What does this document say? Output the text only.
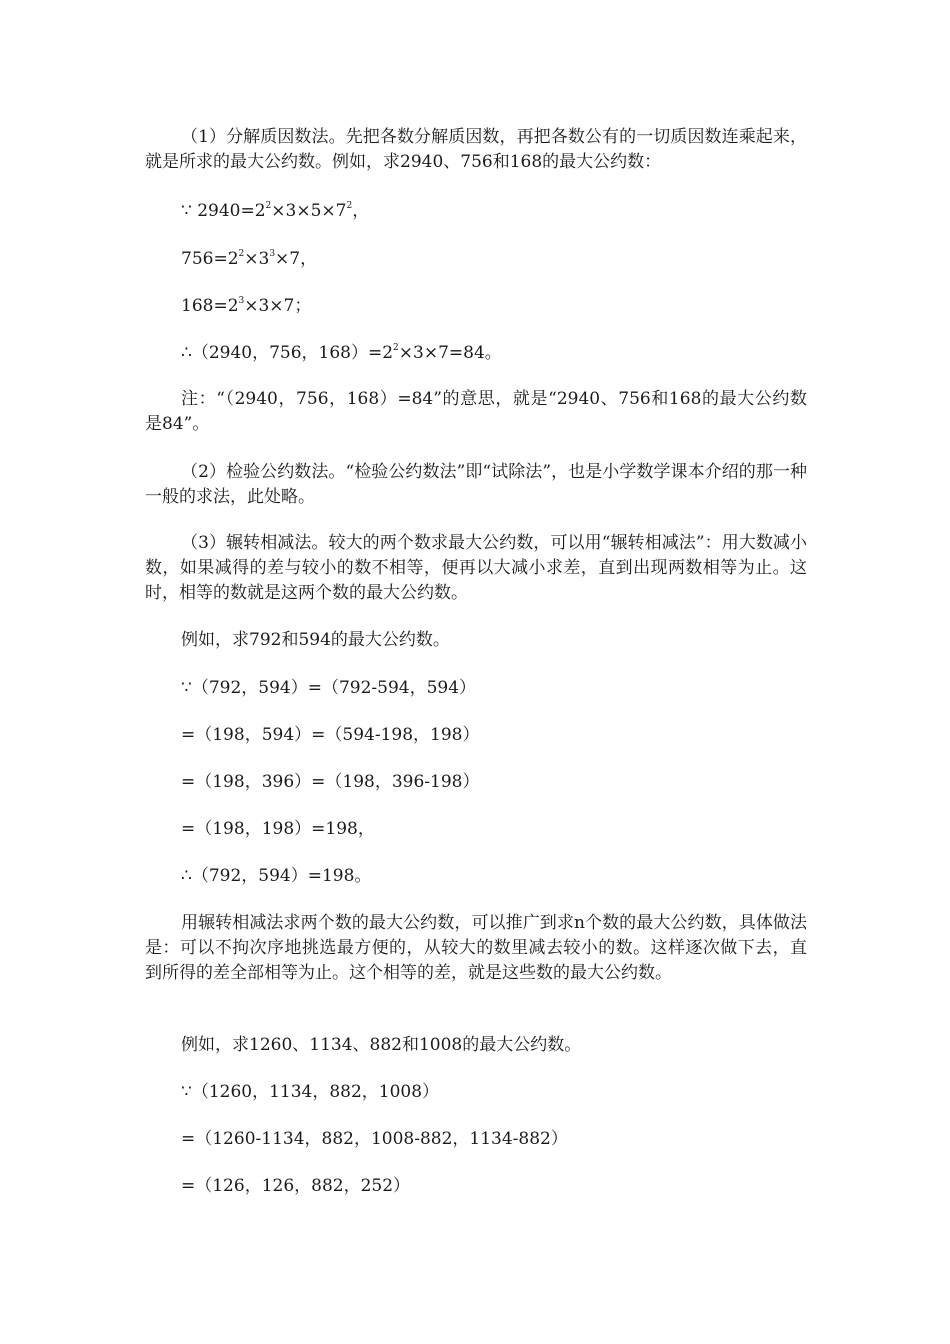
（1）分解质因数法。先把各数分解质因数，再把各数公有的一切质因数连乘起来，就是所求的最大公约数。例如，求2940、756和168的最大公约数：

∵ $2940=2^2\times 3\times 5\times 7^2$，

$756=2^2\times 3^3\times 7$，

$168=2^3\times 3\times 7$；

∴（2940，756，$168)=2^2\times 3\times 7=84$。

注：“（2940，756，168）=84”的意思，就是“2940、756和168的最大公约数是84”。

（2）检验公约数法。“检验公约数法”即“试除法”，也是小学数学课本介绍的那一种一般的求法，此处略。

（3）辗转相减法。较大的两个数求最大公约数，可以用“辗转相减法”：用大数减小数，如果减得的差与较小的数不相等，便再以大减小求差，直到出现两数相等为止。这时，相等的数就是这两个数的最大公约数。

例如，求792和594的最大公约数。

∵（792，594）=（792-594，594）

=（198，594）=（594-198，198）

=（198，396）=（198，396-198）

=（198，198）=198，

∴（792，594）=198。

用辗转相减法求两个数的最大公约数，可以推广到求n个数的最大公约数，具体做法是：可以不拘次序地挑选最方便的，从较大的数里减去较小的数。这样逐次做下去，直到所得的差全部相等为止。这个相等的差，就是这些数的最大公约数。

例如，求1260、1134、882和1008的最大公约数。

∵（1260，1134，882，1008）

=（1260-1134，882，1008-882，1134-882）

=（126，126，882，252）
